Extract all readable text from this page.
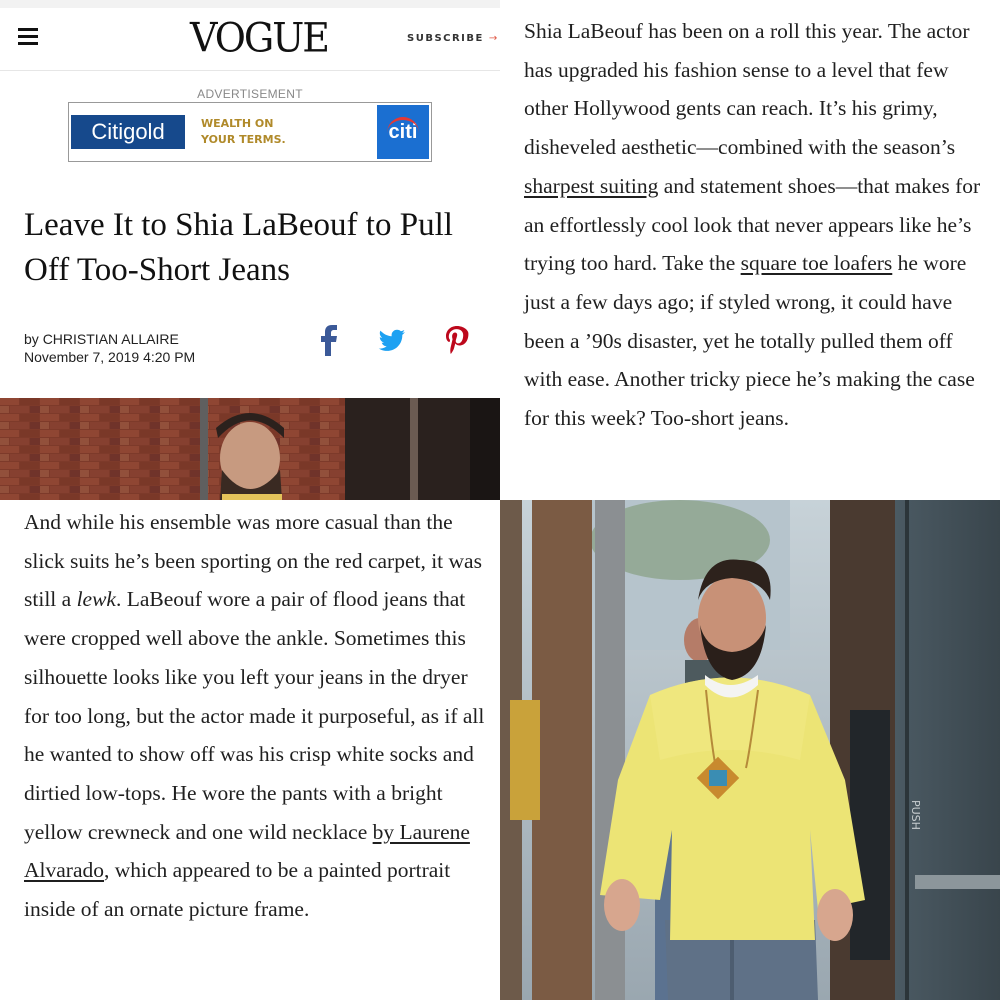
VOGUE	SUBSCRIBE →
ADVERTISEMENT
Citigold	WEALTH ON
YOUR TERMS.	citi
Leave It to Shia LaBeouf to Pull Off Too-Short Jeans
by CHRISTIAN ALLAIRE
November 7, 2019 4:20 PM

Shia LaBeouf has been on a roll this year. The actor has upgraded his fashion sense to a level that few other Hollywood gents can reach. It’s his grimy, disheveled aesthetic—combined with the season’s sharpest suiting and statement shoes—that makes for an effortlessly cool look that never appears like he’s trying too hard. Take the square toe loafers he wore just a few days ago; if styled wrong, it could have been a ’90s disaster, yet he totally pulled them off with ease. Another tricky piece he’s making the case for this week? Too-short jeans.

And while his ensemble was more casual than the slick suits he’s been sporting on the red carpet, it was still a lewk. LaBeouf wore a pair of flood jeans that were cropped well above the ankle. Sometimes this silhouette looks like you left your jeans in the dryer for too long, but the actor made it purposeful, as if all he wanted to show off was his crisp white socks and dirtied low-tops. He wore the pants with a bright yellow crewneck and one wild necklace by Laurene Alvarado, which appeared to be a painted portrait inside of an ornate picture frame.

PUSH
